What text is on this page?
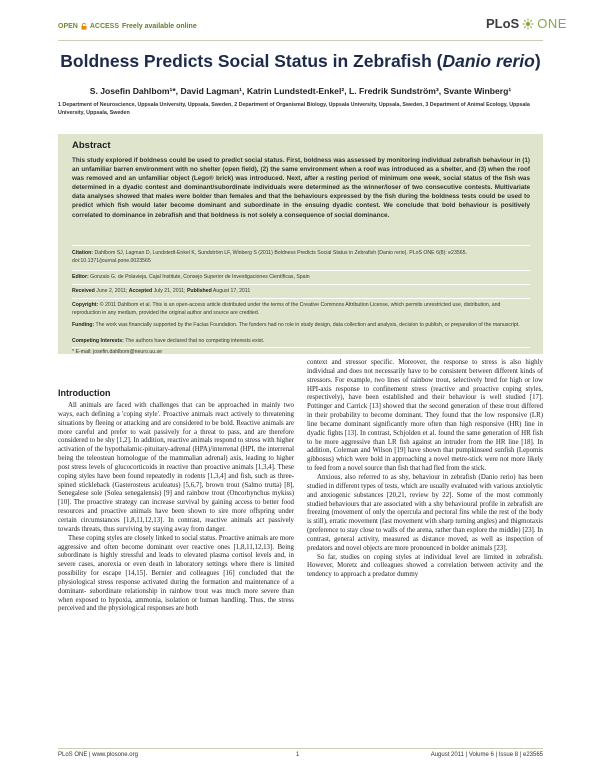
OPEN ACCESS Freely available online	PLoS ONE
Boldness Predicts Social Status in Zebrafish (Danio rerio)
S. Josefin Dahlbom¹*, David Lagman¹, Katrin Lundstedt-Enkel², L. Fredrik Sundström³, Svante Winberg¹
1 Department of Neuroscience, Uppsala University, Uppsala, Sweden, 2 Department of Organismal Biology, Uppsala University, Uppsala, Sweden, 3 Department of Animal Ecology, Uppsala University, Uppsala, Sweden
Abstract
This study explored if boldness could be used to predict social status. First, boldness was assessed by monitoring individual zebrafish behaviour in (1) an unfamiliar barren environment with no shelter (open field), (2) the same environment when a roof was introduced as a shelter, and (3) when the roof was removed and an unfamiliar object (Lego® brick) was introduced. Next, after a resting period of minimum one week, social status of the fish was determined in a dyadic contest and dominant/subordinate individuals were determined as the winner/loser of two consecutive contests. Multivariate data analyses showed that males were bolder than females and that the behaviours expressed by the fish during the boldness tests could be used to predict which fish would later become dominant and subordinate in the ensuing dyadic contest. We conclude that bold behaviour is positively correlated to dominance in zebrafish and that boldness is not solely a consequence of social dominance.
Citation: Dahlbom SJ, Lagman D, Lundstedt-Enkel K, Sundström LF, Winberg S (2011) Boldness Predicts Social Status in Zebrafish (Danio rerio). PLoS ONE 6(8): e23565. doi:10.1371/journal.pone.0023565
Editor: Gonzalo G. de Polavieja, Cajal Institute, Consejo Superior de Investigaciones Científicas, Spain
Received June 2, 2011; Accepted July 21, 2011; Published August 17, 2011
Copyright: © 2011 Dahlbom et al. This is an open-access article distributed under the terms of the Creative Commons Attribution License, which permits unrestricted use, distribution, and reproduction in any medium, provided the original author and source are credited.
Funding: The work was financially supported by the Facias Foundation. The funders had no role in study design, data collection and analysis, decision to publish, or preparation of the manuscript.
Competing Interests: The authors have declared that no competing interests exist.
* E-mail: josefin.dahlbom@neuro.uu.se
Introduction

All animals are faced with challenges that can be approached in mainly two ways, each defining a 'coping style'. Proactive animals react actively to threatening situations by fleeing or attacking and are considered to be bold. Reactive animals are more careful and prefer to wait passively for a threat to pass, and are therefore considered to be shy [1,2]. In addition, reactive animals respond to stress with higher activation of the hypothalamic-pituitary-adrenal (HPA)/interrenal (HPI, the interrenal being the teleostean homologue of the mammalian adrenal) axis, leading to higher post stress levels of glucocorticoids in reactive than proactive animals [1,3,4]. These coping styles have been found repeatedly in rodents [1,3,4] and fish, such as three-spined stickleback (Gasterosteus aculeatus) [5,6,7], brown trout (Salmo trutta) [8], Senegalese sole (Solea senegalensis) [9] and rainbow trout (Oncorhynchus mykiss) [10]. The proactive strategy can increase survival by gaining access to better food resources and proactive animals have been shown to sire more offspring under certain circumstances [1,8,11,12,13]. In contrast, reactive animals act passively towards threats, thus surviving by staying away from danger.

These coping styles are closely linked to social status. Proactive animals are more aggressive and often become dominant over reactive ones [1,8,11,12,13]. Being subordinate is highly stressful and leads to elevated plasma cortisol levels and, in severe cases, anorexia or even death in laboratory settings where there is limited possibility for escape [14,15]. Bernier and colleagues [16] concluded that the physiological stress response activated during the formation and maintenance of a dominant- subordinate relationship in rainbow trout was much more severe than when exposed to hypoxia, ammonia, isolation or human handling. Thus, the stress perceived and the physiological responses are both

context and stressor specific. Moreover, the response to stress is also highly individual and does not necessarily have to be consistent between different kinds of stressors. For example, two lines of rainbow trout, selectively bred for high or low HPI-axis response to confinement stress (reactive and proactive coping styles, respectively), have been established and their behaviour is well studied [17]. Pottinger and Carrick [13] showed that the second generation of these trout differed in their probability to become dominant. They found that the low responsive (LR) line became dominant significantly more often than high responsive (HR) line in dyadic fights [13]. In contrast, Schjolden et al. found the same generation of HR fish to be more aggressive than LR fish against an intruder from the HR line [18]. In addition, Coleman and Wilson [19] have shown that pumpkinseed sunfish (Lepomis gibbosus) which were bold in approaching a novel metre-stick were not more likely to feed from a novel source than fish that had fled from the stick.

Anxious, also referred to as shy, behaviour in zebrafish (Danio rerio) has been studied in different types of tests, which are usually evaluated with various anxiolytic and anxiogenic substances [20,21, review by 22]. Some of the most commonly studied behaviours that are associated with a shy behavioural profile in zebrafish are freezing (movement of only the opercula and pectoral fins while the rest of the body is still), erratic movement (fast movement with sharp turning angles) and thigmotaxis (preference to stay close to walls of the arena, rather than explore the middle) [23]. In contrast, general activity, measured as distance moved, as well as inspection of predators and novel objects are more pronounced in bolder animals [23].

So far, studies on coping styles at individual level are limited in zebrafish. However, Moretz and colleagues showed a correlation between activity and the tendency to approach a predator dummy

PLoS ONE | www.plosone.org	1	August 2011 | Volume 6 | Issue 8 | e23565
